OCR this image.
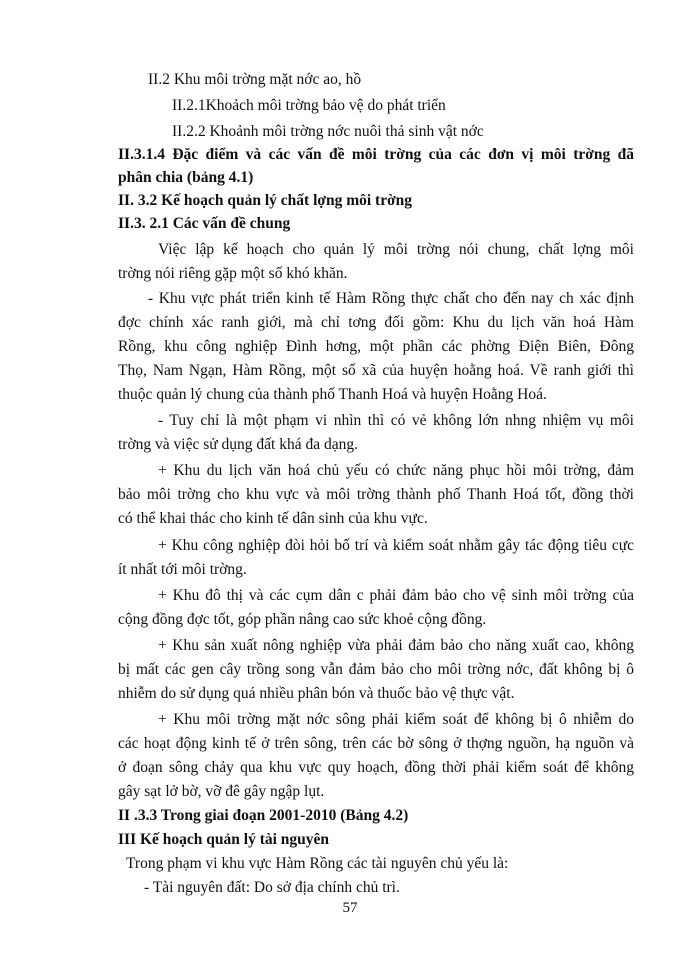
II.2 Khu môi trờng mặt nớc ao, hồ
II.2.1Khoảch môi trờng bảo vệ do phát triển
II.2.2 Khoảnh môi trờng nớc nuôi thả sinh vật nớc
II.3.1.4 Đặc điểm và các vấn đề môi trờng của các đơn vị môi trờng đã
phân chia (bảng 4.1)
II. 3.2 Kế hoạch quản lý chất lợng môi trờng
II.3. 2.1 Các vấn đề chung
Việc lập kế hoạch cho quản lý môi trờng nói chung, chất lợng môi
trờng nói riêng gặp một số khó khăn.
- Khu vực phát triển kinh tế Hàm Rồng thực chất cho đến nay ch xác định
đợc chính xác ranh giới, mà chỉ tơng đối gồm: Khu du lịch văn hoá Hàm
Rồng, khu công nghiệp Đình hơng, một phần các phờng Điện Biên, Đông
Thọ, Nam Ngạn, Hàm Rồng, một số xã của huyện hoằng hoá. Về ranh giới thì
thuộc quản lý chung của thành phố Thanh Hoá và huyện Hoằng Hoá.
- Tuy chỉ là một phạm vi nhìn thì có vẻ không lớn nhng nhiệm vụ môi
trờng và việc sử dụng đất khá đa dạng.
+ Khu du lịch văn hoá chủ yếu có chức năng phục hồi môi trờng, đảm
bảo môi trờng cho khu vực và môi trờng thành phố Thanh Hoá tốt, đồng thời
có thể khai thác cho kinh tế dân sinh của khu vực.
+ Khu công nghiệp đòi hỏi bố trí và kiểm soát nhằm gây tác động tiêu cực
ít nhất tới môi trờng.
+ Khu đô thị và các cụm dân c phải đảm bảo cho vệ sinh môi trờng của
cộng đồng đợc tốt, góp phần nâng cao sức khoẻ cộng đồng.
+ Khu sản xuất nông nghiệp vừa phải đảm bảo cho năng xuất cao, không
bị mất các gen cây trồng song vẫn đảm bảo cho môi trờng nớc, đất không bị ô
nhiễm do sử dụng quá nhiều phân bón và thuốc bảo vệ thực vật.
+ Khu môi trờng mặt nớc sông phải kiểm soát để không bị ô nhiễm do
các hoạt động kinh tế ở trên sông, trên các bờ sông ở thợng nguồn, hạ nguồn và
ở đoạn sông chảy qua khu vực quy hoạch, đồng thời phải kiểm soát để không
gây sạt lở bờ, vỡ đê gây ngập lụt.
II .3.3 Trong giai đoạn 2001-2010 (Bảng 4.2)
III Kế hoạch quản lý tài nguyên
Trong phạm vi khu vực Hàm Rồng các tài nguyên chủ yếu là:
- Tài nguyên đất: Do sở địa chính chủ trì.
57
